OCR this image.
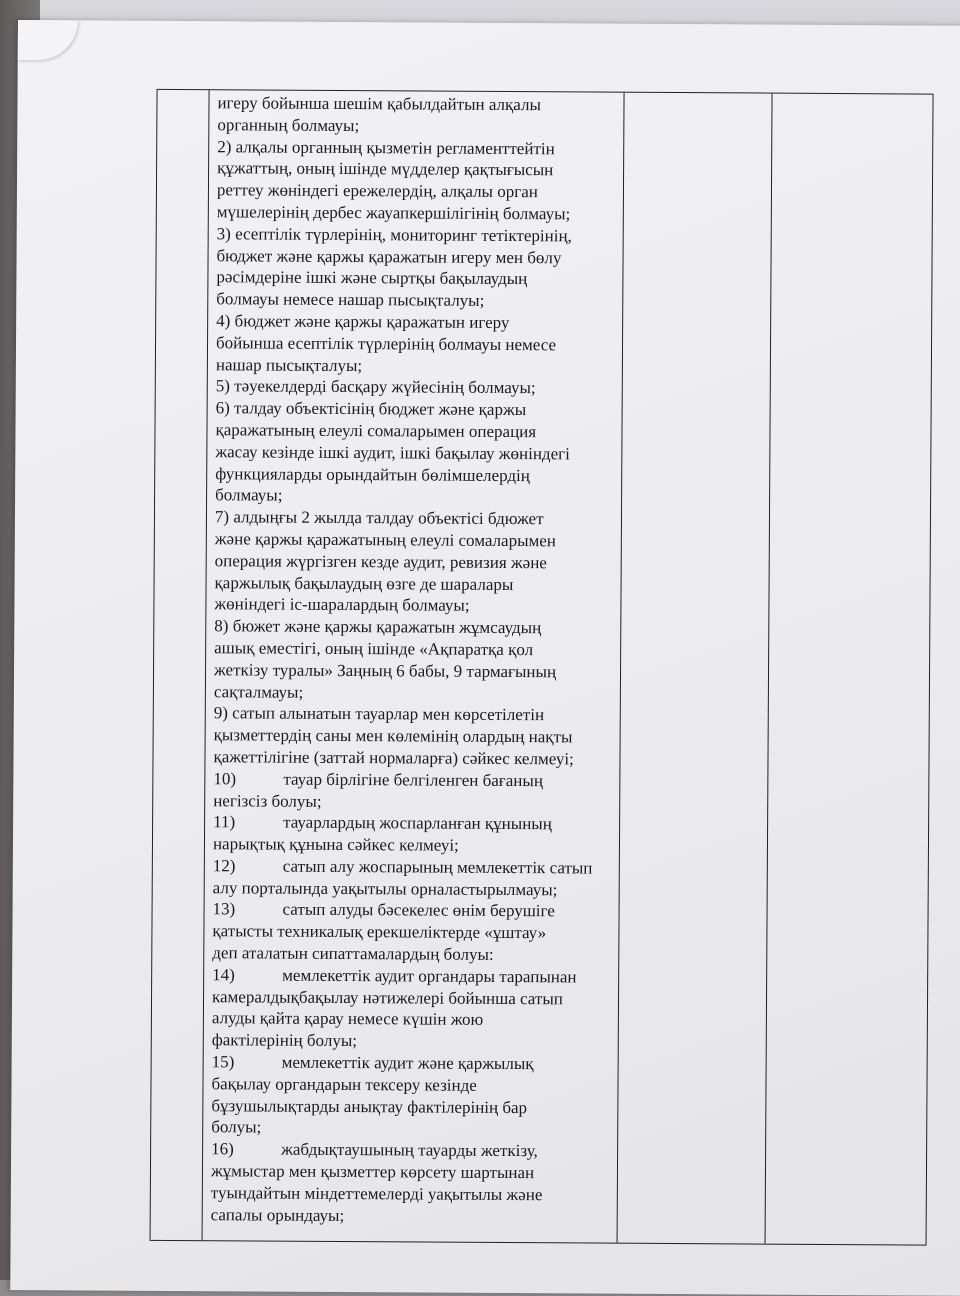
игеру бойынша шешім қабылдайтын алқалы
органның болмауы;
2) алқалы органның қызметін регламенттейтін
құжаттың, оның ішінде мүдделер қақтығысын
реттеу жөніндегі ережелердің, алқалы орган
мүшелерінің дербес жауапкершілігінің болмауы;
3) есептілік түрлерінің, мониторинг тетіктерінің,
бюджет және қаржы қаражатын игеру мен бөлу
рәсімдеріне ішкі және сыртқы бақылаудың
болмауы немесе нашар пысықталуы;
4) бюджет және қаржы қаражатын игеру
бойынша есептілік түрлерінің болмауы немесе
нашар пысықталуы;
5) тәуекелдерді басқару жүйесінің болмауы;
6) талдау объектісінің бюджет және қаржы
қаражатының елеулі сомаларымен операция
жасау кезінде ішкі аудит, ішкі бақылау жөніндегі
функцияларды орындайтын бөлімшелердің
болмауы;
7) алдыңғы 2 жылда талдау объектісі бдюжет
және қаржы қаражатының елеулі сомаларымен
операция жүргізген кезде аудит, ревизия және
қаржылық бақылаудың өзге де шаралары
жөніндегі іс-шаралардың болмауы;
8) бюжет және қаржы қаражатын жұмсаудың
ашық еместігі, оның ішінде «Ақпаратқа қол
жеткізу туралы» Заңның 6 бабы, 9 тармағының
сақталмауы;
9) сатып алынатын тауарлар мен көрсетілетін
қызметтердің саны мен көлемінің олардың нақты
қажеттілігіне (заттай нормаларға) сәйкес келмеуі;
10)	тауар бірлігіне белгіленген бағаның
негізсіз болуы;
11)	тауарлардың жоспарланған құнының
нарықтық құнына сәйкес келмеуі;
12)	сатып алу жоспарының мемлекеттік сатып
алу порталында уақытылы орналастырылмауы;
13)	сатып алуды бәсекелес өнім берушіге
қатысты техникалық ерекшеліктерде «ұштау»
деп аталатын сипаттамалардың болуы:
14)	мемлекеттік аудит органдары тарапынан
камералдықбақылау нәтижелері бойынша сатып
алуды қайта қарау немесе күшін жою
фактілерінің болуы;
15)	мемлекеттік аудит және қаржылық
бақылау органдарын тексеру кезінде
бұзушылықтарды анықтау фактілерінің бар
болуы;
16)	жабдықтаушының тауарды жеткізу,
жұмыстар мен қызметтер көрсету шартынан
туындайтын міндеттемелерді уақытылы және
сапалы орындауы;
